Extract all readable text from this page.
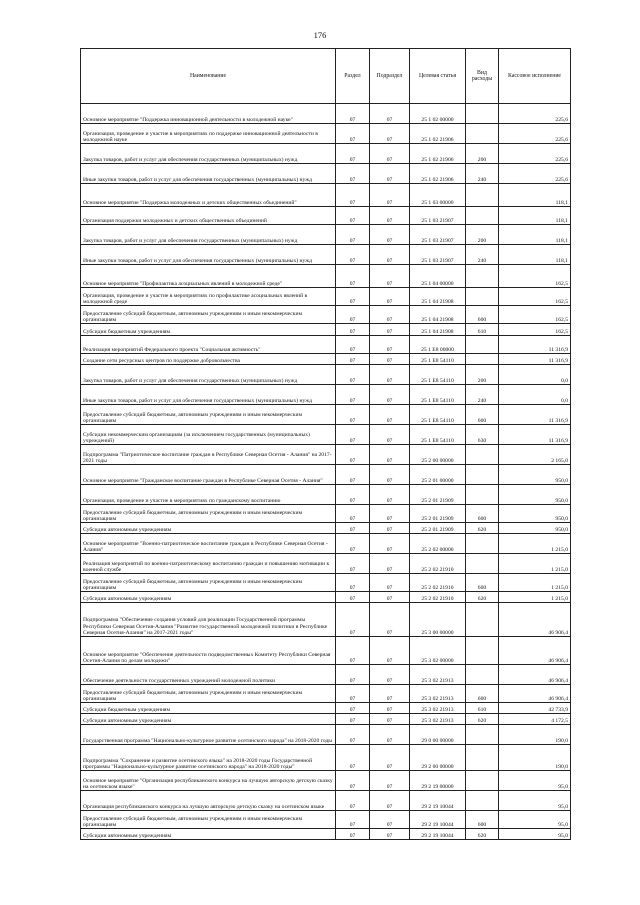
176
Наименование	Раздел	Подраздел	Целевая статья	Вид расходы	Кассовое исполнение
Основное мероприятие "Поддержка инновационной деятельности в молодежной науке"	07	07	25 1 02 00000		225,6
Организация, проведение и участие в мероприятиях по поддержке инновационной деятельности в молодежной науке	07	07	25 1 02 21906		225,6
Закупка товаров, работ и услуг для обеспечения государственных (муниципальных) нужд	07	07	25 1 02 21906	200	225,6
Иные закупки товаров, работ и услуг для обеспечения государственных (муниципальных) нужд	07	07	25 1 02 21906	240	225,6
Основное мероприятие "Поддержка молодежных и детских общественных объединений"	07	07	25 1 03 00000		118,1
Организация поддержки молодежных и детских общественных объединений	07	07	25 1 03 21907		118,1
Закупка товаров, работ и услуг для обеспечения государственных (муниципальных) нужд	07	07	25 1 03 21907	200	118,1
Иные закупки товаров, работ и услуг для обеспечения государственных (муниципальных) нужд	07	07	25 1 03 21907	240	118,1
Основное мероприятие "Профилактика асоциальных явлений в молодежной среде"	07	07	25 1 04 00000		162,5
Организация, проведение и участие в мероприятиях по профилактике асоциальных явлений в молодежной среде	07	07	25 1 04 21908		162,5
Предоставление субсидий бюджетным, автономным учреждениям и иным некоммерческим организациям	07	07	25 1 04 21908	600	162,5
Субсидии бюджетным учреждениям	07	07	25 1 04 21908	610	162,5
Реализация мероприятий Федерального проекта "Социальная активность"	07	07	25 1 Е8 00000		11 316,9
Создание сети ресурсных центров по поддержке добровольчества	07	07	25 1 Е8 54110		11 316,9
Закупка товаров, работ и услуг для обеспечения государственных (муниципальных) нужд	07	07	25 1 Е8 54110	200	0,0
Иные закупки товаров, работ и услуг для обеспечения государственных (муниципальных) нужд	07	07	25 1 Е8 54110	240	0,0
Предоставление субсидий бюджетным, автономным учреждениям и иным некоммерческим организациям	07	07	25 1 Е8 54110	600	11 316,9
Субсидии некоммерческим организациям (за исключением государственных (муниципальных) учреждений)	07	07	25 1 Е8 54110	630	11 316,9
Подпрограмма "Патриотическое воспитание граждан в Республике Северная Осетия - Алания" на 2017-2021 годы	07	07	25 2 00 00000		2 165,0
Основное мероприятие "Гражданское воспитание граждан в Республике Северная Осетия - Алания"	07	07	25 2 01 00000		950,0
Организация, проведение и участие в мероприятиях по гражданскому воспитанию	07	07	25 2 01 21909		950,0
Предоставление субсидий бюджетным, автономным учреждениям и иным некоммерческим организациям	07	07	25 2 01 21909	600	950,0
Субсидии автономным учреждениям	07	07	25 2 01 21909	620	950,0
Основное мероприятие "Военно-патриотическое воспитание граждан в Республике Северная Осетия - Алания"	07	07	25 2 02 00000		1 215,0
Реализация мероприятий по военно-патриотическому воспитанию граждан и повышению мотивации к военной службе	07	07	25 2 02 21910		1 215,0
Предоставление субсидий бюджетным, автономным учреждениям и иным некоммерческим организациям	07	07	25 2 02 21910	600	1 215,0
Субсидии автономным учреждениям	07	07	25 2 02 21910	620	1 215,0
Подпрограмма "Обеспечение создания условий для реализации Государственной программы Республики Северная Осетия-Алания "Развитие государственной молодежной политики в Республике Северная Осетия-Алания" на 2017-2021 годы"	07	07	25 3 00 00000		46 906,4
Основное мероприятие "Обеспечение деятельности подведомственных Комитету Республики Северная Осетия-Алания по делам молодежи"	07	07	25 3 02 00000		46 906,4
Обеспечение деятельности государственных учреждений молодежной политики	07	07	25 3 02 21913		46 906,4
Предоставление субсидий бюджетным, автономным учреждениям и иным некоммерческим организациям	07	07	25 3 02 21913	600	46 906,4
Субсидии бюджетным учреждениям	07	07	25 3 02 21913	610	42 733,9
Субсидии автономным учреждениям	07	07	25 3 02 21913	620	4 172,5
Государственная программа "Национально-культурное развитие осетинского народа" на 2018-2020 годы	07	07	29 0 00 00000		190,0
Подпрограмма "Сохранение и развитие осетинского языка" на 2018-2020 годы Государственной программы "Национально-культурное развитие осетинского народа" на 2018-2020 годы"	07	07	29 2 00 00000		190,0
Основное мероприятие "Организация республиканского конкурса на лучшую авторскую детскую сказку на осетинском языке"	07	07	29 2 19 00000		95,0
Организация республиканского конкурса на лучшую авторскую детскую сказку на осетинском языке	07	07	29 2 19 10044		95,0
Предоставление субсидий бюджетным, автономным учреждениям и иным некоммерческим организациям	07	07	29 2 19 10044	600	95,0
Субсидии автономным учреждениям	07	07	29 2 19 10044	620	95,0
